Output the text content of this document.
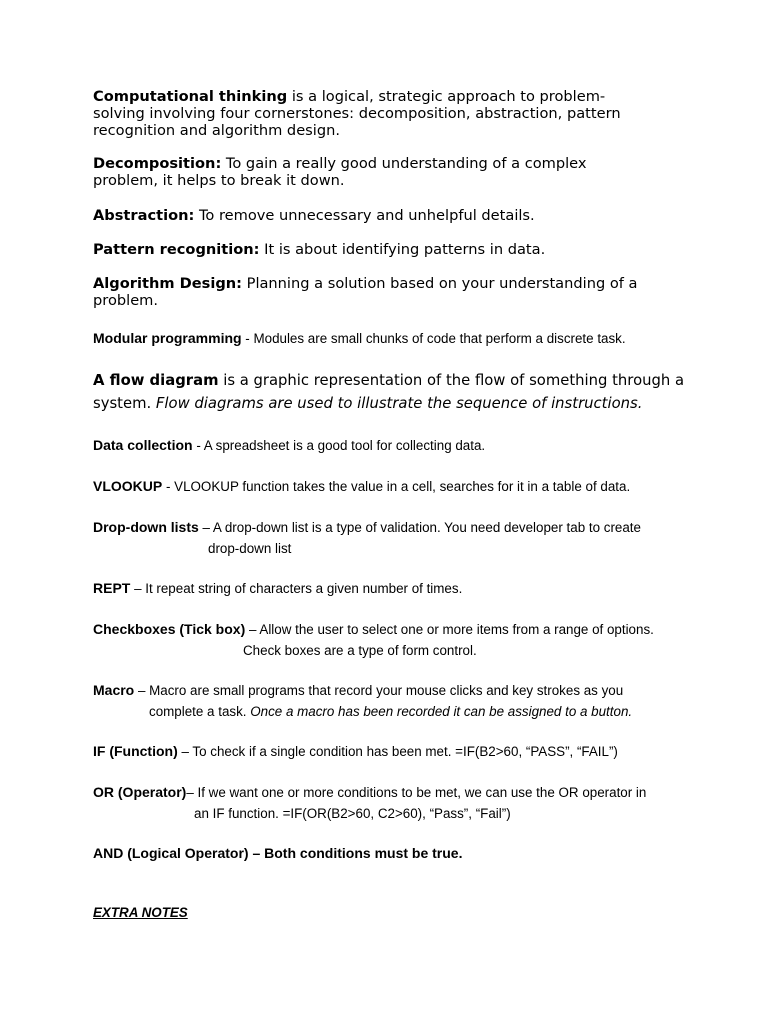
Computational thinking is a logical, strategic approach to problem-
solving involving four cornerstones: decomposition, abstraction, pattern
recognition and algorithm design.

Decomposition: To gain a really good understanding of a complex
problem, it helps to break it down.

Abstraction: To remove unnecessary and unhelpful details.

Pattern recognition: It is about identifying patterns in data.

Algorithm Design: Planning a solution based on your understanding of a
problem.

Modular programming - Modules are small chunks of code that perform a discrete task.

A flow diagram is a graphic representation of the flow of something through a
system. Flow diagrams are used to illustrate the sequence of instructions.

Data collection - A spreadsheet is a good tool for collecting data.

VLOOKUP - VLOOKUP function takes the value in a cell, searches for it in a table of data.

Drop-down lists – A drop-down list is a type of validation. You need developer tab to create
drop-down list

REPT – It repeat string of characters a given number of times.

Checkboxes (Tick box) – Allow the user to select one or more items from a range of options.
Check boxes are a type of form control.

Macro – Macro are small programs that record your mouse clicks and key strokes as you
complete a task. Once a macro has been recorded it can be assigned to a button.

IF (Function) – To check if a single condition has been met. =IF(B2>60, “PASS”, “FAIL”)

OR (Operator)– If we want one or more conditions to be met, we can use the OR operator in
an IF function. =IF(OR(B2>60, C2>60), “Pass”, “Fail”)

AND (Logical Operator) – Both conditions must be true.

EXTRA NOTES
